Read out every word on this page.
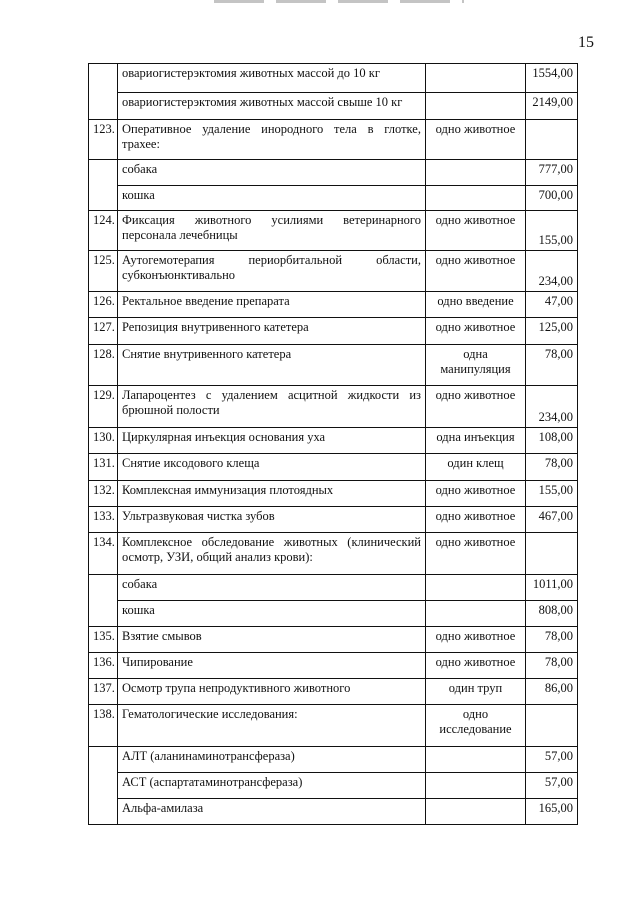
15
	овариогистерэктомия животных массой до 10 кг		1554,00
	овариогистерэктомия животных массой свыше 10 кг		2149,00
123.	Оперативное удаление инородного тела в глотке, трахее:	одно животное	
	собака		777,00
	кошка		700,00
124.	Фиксация животного усилиями ветеринарного персонала лечебницы	одно животное	155,00
125.	Аутогемотерапия периорбитальной области, субконъюнктивально	одно животное	234,00
126.	Ректальное введение препарата	одно введение	47,00
127.	Репозиция внутривенного катетера	одно животное	125,00
128.	Снятие внутривенного катетера	одна манипуляция	78,00
129.	Лапароцентез с удалением асцитной жидкости из брюшной полости	одно животное	234,00
130.	Циркулярная инъекция основания уха	одна инъекция	108,00
131.	Снятие иксодового клеща	один клещ	78,00
132.	Комплексная иммунизация плотоядных	одно животное	155,00
133.	Ультразвуковая чистка зубов	одно животное	467,00
134.	Комплексное обследование животных (клинический осмотр, УЗИ, общий анализ крови):	одно животное	
	собака		1011,00
	кошка		808,00
135.	Взятие смывов	одно животное	78,00
136.	Чипирование	одно животное	78,00
137.	Осмотр трупа непродуктивного животного	один труп	86,00
138.	Гематологические исследования:	одно исследование	
	АЛТ (аланинаминотрансфераза)		57,00
	АСТ (аспартатаминотрансфераза)		57,00
	Альфа-амилаза		165,00
